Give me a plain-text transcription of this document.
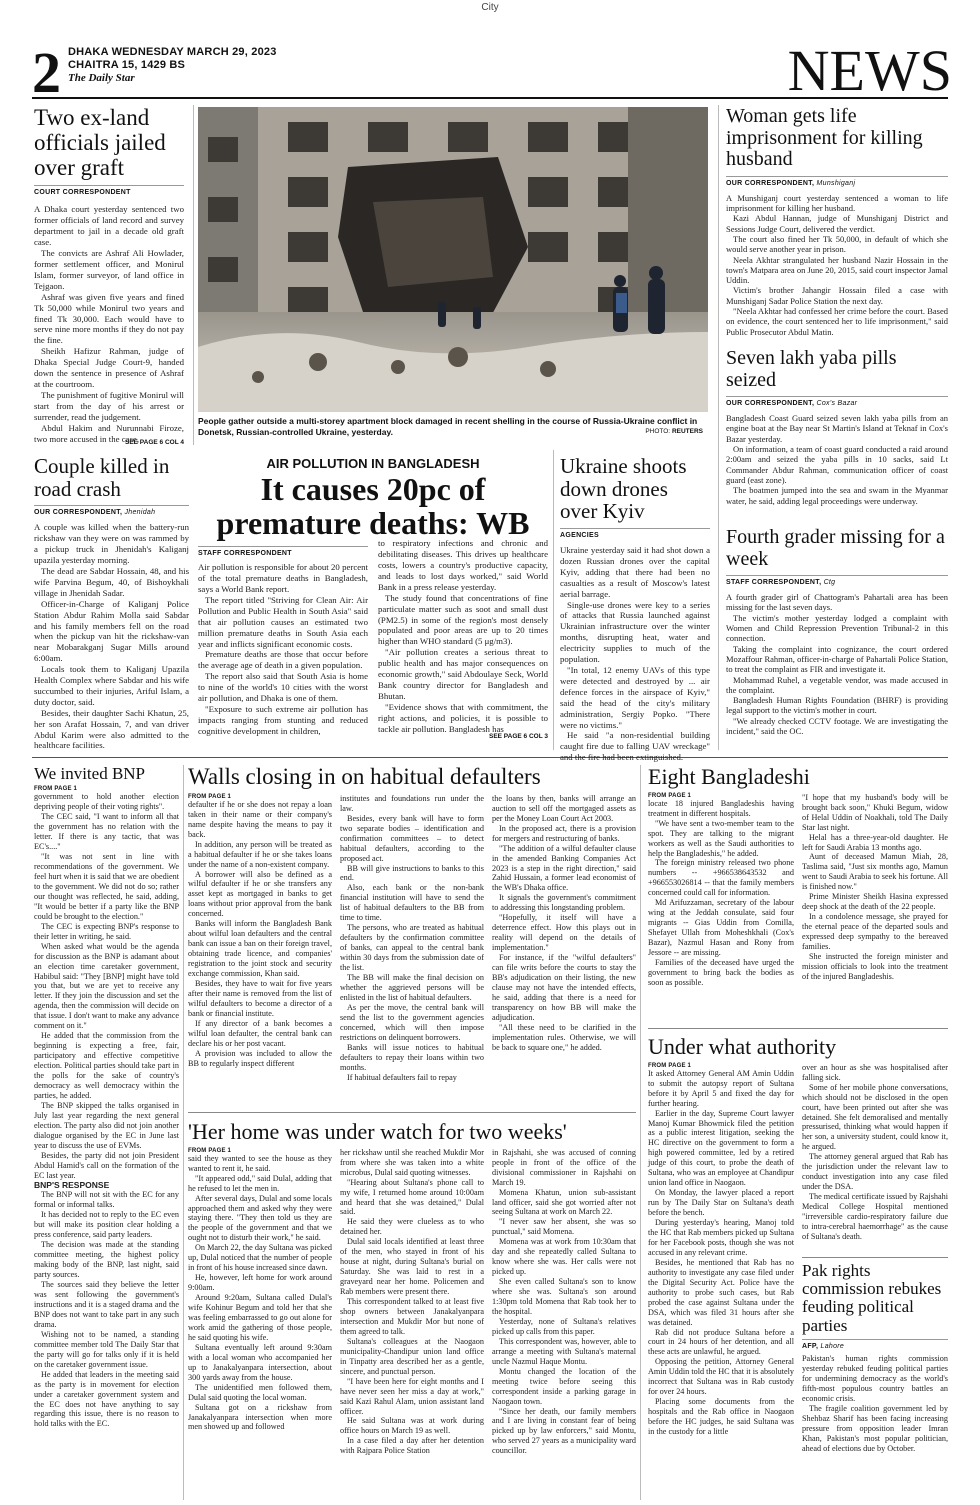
City
2 DHAKA WEDNESDAY MARCH 29, 2023
CHAITRA 15, 1429 BS
The Daily Star	NEWS
Two ex-land officials jailed over graft
COURT CORRESPONDENT

A Dhaka court yesterday sentenced two former officials of land record and survey department to jail in a decade old graft case.

The convicts are Ashraf Ali Howlader, former settlement officer, and Monirul Islam, former surveyor, of land office in Tejgaon.

Ashraf was given five years and fined Tk 50,000 while Monirul two years and fined Tk 30,000. Each would have to serve nine more months if they do not pay the fine.

Sheikh Hafizur Rahman, judge of Dhaka Special Judge Court-9, handed down the sentence in presence of Ashraf at the courtroom.

The punishment of fugitive Monirul will start from the day of his arrest or surrender, read the judgement.

Abdul Hakim and Nurunnabi Firoze, two more accused in the case,

SEE PAGE 6 COL 4
People gather outside a multi-storey apartment block damaged in recent shelling in the course of Russia-Ukraine conflict in Donetsk, Russian-controlled Ukraine, yesterday.	PHOTO: REUTERS
Woman gets life imprisonment for killing husband
OUR CORRESPONDENT, Munshiganj

A Munshiganj court yesterday sentenced a woman to life imprisonment for killing her husband.

Kazi Abdul Hannan, judge of Munshiganj District and Sessions Judge Court, delivered the verdict.

The court also fined her Tk 50,000, in default of which she would serve another year in prison.

Neela Akhtar strangulated her husband Nazir Hossain in the town's Matpara area on June 20, 2015, said court inspector Jamal Uddin.

Victim's brother Jahangir Hossain filed a case with Munshiganj Sadar Police Station the next day.

"Neela Akhtar had confessed her crime before the court. Based on evidence, the court sentenced her to life imprisonment," said Public Prosecutor Abdul Matin.

Seven lakh yaba pills seized
OUR CORRESPONDENT, Cox's Bazar

Bangladesh Coast Guard seized seven lakh yaba pills from an engine boat at the Bay near St Martin's Island at Teknaf in Cox's Bazar yesterday.

On information, a team of coast guard conducted a raid around 2:00am and seized the yaba pills in 10 sacks, said Lt Commander Abdur Rahman, communication officer of coast guard (east zone).

The boatmen jumped into the sea and swam in the Myanmar water, he said, adding legal proceedings were underway.

Couple killed in road crash
OUR CORRESPONDENT, Jhenidah

A couple was killed when the battery-run rickshaw van they were on was rammed by a pickup truck in Jhenidah's Kaliganj upazila yesterday morning.

The dead are Sabdar Hossain, 48, and his wife Parvina Begum, 40, of Bishoykhali village in Jhenidah Sadar.

Officer-in-Charge of Kaliganj Police Station Abdur Rahim Molla said Sabdar and his family members fell on the road when the pickup van hit the rickshaw-van near Mobarakganj Sugar Mills around 6:00am.

Locals took them to Kaliganj Upazila Health Complex where Sabdar and his wife succumbed to their injuries, Ariful Islam, a duty doctor, said.

Besides, their daughter Sachi Khatun, 25, her son Arafat Hossain, 7, and van driver Abdul Karim were also admitted to the healthcare facilities.

AIR POLLUTION IN BANGLADESH
It causes 20pc of premature deaths: WB
STAFF CORRESPONDENT

Air pollution is responsible for about 20 percent of the total premature deaths in Bangladesh, says a World Bank report.

The report titled "Striving for Clean Air: Air Pollution and Public Health in South Asia" said that air pollution causes an estimated two million premature deaths in South Asia each year and inflicts significant economic costs.

Premature deaths are those that occur before the average age of death in a given population.

The report also said that South Asia is home to nine of the world's 10 cities with the worst air pollution, and Dhaka is one of them.

"Exposure to such extreme air pollution has impacts ranging from stunting and reduced cognitive development in children,

to respiratory infections and chronic and debilitating diseases. This drives up healthcare costs, lowers a country's productive capacity, and leads to lost days worked," said World Bank in a press release yesterday.

The study found that concentrations of fine particulate matter such as soot and small dust (PM2.5) in some of the region's most densely populated and poor areas are up to 20 times higher than WHO standard (5 μg/m3).

"Air pollution creates a serious threat to public health and has major consequences on economic growth," said Abdoulaye Seck, World Bank country director for Bangladesh and Bhutan.

"Evidence shows that with commitment, the right actions, and policies, it is possible to tackle air pollution. Bangladesh has

SEE PAGE 6 COL 3
Ukraine shoots down drones over Kyiv
AGENCIES

Ukraine yesterday said it had shot down a dozen Russian drones over the capital Kyiv, adding that there had been no casualties as a result of Moscow's latest aerial barrage.

Single-use drones were key to a series of attacks that Russia launched against Ukrainian infrastructure over the winter months, disrupting heat, water and electricity supplies to much of the population.

"In total, 12 enemy UAVs of this type were detected and destroyed by ... air defence forces in the airspace of Kyiv," said the head of the city's military administration, Sergiy Popko. "There were no victims."

He said "a non-residential building caught fire due to falling UAV wreckage" and the fire had been extinguished.

Fourth grader missing for a week
STAFF CORRESPONDENT, Ctg

A fourth grader girl of Chattogram's Pahartali area has been missing for the last seven days.

The victim's mother yesterday lodged a complaint with Women and Child Repression Prevention Tribunal-2 in this connection.

Taking the complaint into cognizance, the court ordered Mozaffour Rahman, officer-in-charge of Pahartali Police Station, to treat the complaint as FIR and investigate it.

Mohammad Ruhel, a vegetable vendor, was made accused in the complaint.

Bangladesh Human Rights Foundation (BHRF) is providing legal support to the victim's mother in court.

"We already checked CCTV footage. We are investigating the incident," said the OC.

We invited BNP
FROM PAGE 1

government to hold another election depriving people of their voting rights".

The CEC said, "I want to inform all that the government has no relation with the letter. If there is any tactic, that was EC's...."

"It was not sent in line with recommendations of the government. We feel hurt when it is said that we are obedient to the government. We did not do so; rather our thought was reflected, he said, adding, "It would be better if a party like the BNP could be brought to the election."

The CEC is expecting BNP's response to their letter in writing, he said.

When asked what would be the agenda for discussion as the BNP is adamant about an election time caretaker government, Habibul said: "They [BNP] might have told you that, but we are yet to receive any letter. If they join the discussion and set the agenda, then the commission will decide on that issue. I don't want to make any advance comment on it."

He added that the commission from the beginning is expecting a free, fair, participatory and effective competitive election. Political parties should take part in the polls for the sake of country's democracy as well democracy within the parties, he added.

The BNP skipped the talks organised in July last year regarding the next general election. The party also did not join another dialogue organised by the EC in June last year to discuss the use of EVMs.

Besides, the party did not join President Abdul Hamid's call on the formation of the EC last year.

BNP'S RESPONSE

The BNP will not sit with the EC for any formal or informal talks.

It has decided not to reply to the EC even but will make its position clear holding a press conference, said party leaders.

The decision was made at the standing committee meeting, the highest policy making body of the BNP, last night, said party sources.

The sources said they believe the letter was sent following the government's instructions and it is a staged drama and the BNP does not want to take part in any such drama.

Wishing not to be named, a standing committee member told The Daily Star that the party will go for talks only if it is held on the caretaker government issue.

He added that leaders in the meeting said as the party is in movement for election under a caretaker government system and the EC does not have anything to say regarding this issue, there is no reason to hold talks with the EC.

Walls closing in on habitual defaulters
FROM PAGE 1

defaulter if he or she does not repay a loan taken in their name or their company's name despite having the means to pay it back.

In addition, any person will be treated as a habitual defaulter if he or she takes loans under the name of a non-existent company.

A borrower will also be defined as a wilful defaulter if he or she transfers any asset kept as mortgaged in banks to get loans without prior approval from the bank concerned.

Banks will inform the Bangladesh Bank about wilful loan defaulters and the central bank can issue a ban on their foreign travel, obtaining trade licence, and companies' registration to the joint stock and security exchange commission, Khan said.

Besides, they have to wait for five years after their name is removed from the list of wilful defaulters to become a director of a bank or financial institute.

If any director of a bank becomes a wilful loan defaulter, the central bank can declare his or her post vacant.

A provision was included to allow the BB to regularly inspect different

institutes and foundations run under the law.

Besides, every bank will have to form two separate bodies – identification and confirmation committees – to detect habitual defaulters, according to the proposed act.

BB will give instructions to banks to this end.

Also, each bank or the non-bank financial institution will have to send the list of habitual defaulters to the BB from time to time.

The persons, who are treated as habitual defaulters by the confirmation committee of banks, can appeal to the central bank within 30 days from the submission date of the list.

The BB will make the final decision on whether the aggrieved persons will be enlisted in the list of habitual defaulters.

As per the move, the central bank will send the list to the government agencies concerned, which will then impose restrictions on delinquent borrowers.

Banks will issue notices to habitual defaulters to repay their loans within two months.

If habitual defaulters fail to repay

the loans by then, banks will arrange an auction to sell off the mortgaged assets as per the Money Loan Court Act 2003.

In the proposed act, there is a provision for mergers and restructuring of banks.

"The addition of a wilful defaulter clause in the amended Banking Companies Act 2023 is a step in the right direction," said Zahid Hussain, a former lead economist of the WB's Dhaka office.

It signals the government's commitment to addressing this longstanding problem.

"Hopefully, it itself will have a deterrence effect. How this plays out in reality will depend on the details of implementation."

For instance, if the "wilful defaulters" can file writs before the courts to stay the BB's adjudication on their listing, the new clause may not have the intended effects, he said, adding that there is a need for transparency on how BB will make the adjudication.

"All these need to be clarified in the implementation rules. Otherwise, we will be back to square one," he added.

Eight Bangladeshi
FROM PAGE 1

locate 18 injured Bangladeshis having treatment in different hospitals.

"We have sent a two-member team to the spot. They are talking to the migrant workers as well as the Saudi authorities to help the Bangladeshis," he added.

The foreign ministry released two phone numbers -- +966538643532 and +966553026814 -- that the family members concerned could call for information.

Md Arifuzzaman, secretary of the labour wing at the Jeddah consulate, said four migrants -- Gias Uddin from Comilla, Shefayet Ullah from Moheshkhali (Cox's Bazar), Nazmul Hasan and Rony from Jessore -- are missing.

Families of the deceased have urged the government to bring back the bodies as soon as possible.

"I hope that my husband's body will be brought back soon," Khuki Begum, widow of Helal Uddin of Noakhali, told The Daily Star last night.

Helal has a three-year-old daughter. He left for Saudi Arabia 13 months ago.

Aunt of deceased Mamun Miah, 28, Taslima said, "Just six months ago, Mamun went to Saudi Arabia to seek his fortune. All is finished now."

Prime Minister Sheikh Hasina expressed deep shock at the death of the 22 people.

In a condolence message, she prayed for the eternal peace of the departed souls and expressed deep sympathy to the bereaved families.

She instructed the foreign minister and mission officials to look into the treatment of the injured Bangladeshis.

'Her home was under watch for two weeks'
FROM PAGE 1

said they wanted to see the house as they wanted to rent it, he said.

"It appeared odd," said Dulal, adding that he refused to let the men in.

After several days, Dulal and some locals approached them and asked why they were staying there. "They then told us they are the people of the government and that we ought not to disturb their work," he said.

On March 22, the day Sultana was picked up, Dulal noticed that the number of people in front of his house increased since dawn.

He, however, left home for work around 9:00am.

Around 9:20am, Sultana called Dulal's wife Kohinur Begum and told her that she was feeling embarrassed to go out alone for work amid the gathering of those people, he said quoting his wife.

Sultana eventually left around 9:30am with a local woman who accompanied her up to Janakalyanpara intersection, about 300 yards away from the house.

The unidentified men followed them, Dulal said quoting the local woman.

Sultana got on a rickshaw from Janakalyanpara intersection when more men showed up and followed

her rickshaw until she reached Mukdir Mor from where she was taken into a white microbus, Dulal said quoting witnesses.

"Hearing about Sultana's phone call to my wife, I returned home around 10:00am and heard that she was detained," Dulal said.

He said they were clueless as to who detained her.

Dulal said locals identified at least three of the men, who stayed in front of his house at night, during Sultana's burial on Saturday. She was laid to rest in a graveyard near her home. Policemen and Rab members were present there.

This correspondent talked to at least five shop owners between Janakalyanpara intersection and Mukdir Mor but none of them agreed to talk.

Sultana's colleagues at the Naogaon municipality-Chandipur union land office in Tinpatty area described her as a gentle, sincere, and punctual person.

"I have been here for eight months and I have never seen her miss a day at work," said Kazi Rahul Alam, union assistant land officer.

He said Sultana was at work during office hours on March 19 as well.

In a case filed a day after her detention with Rajpara Police Station

in Rajshahi, she was accused of conning people in front of the office of the divisional commissioner in Rajshahi on March 19.

Momena Khatun, union sub-assistant land officer, said she got worried after not seeing Sultana at work on March 22.

"I never saw her absent, she was so punctual," said Momena.

Momena was at work from 10:30am that day and she repeatedly called Sultana to know where she was. Her calls were not picked up.

She even called Sultana's son to know where she was. Sultana's son around 1:30pm told Momena that Rab took her to the hospital.

Yesterday, none of Sultana's relatives picked up calls from this paper.

This correspondent was, however, able to arrange a meeting with Sultana's maternal uncle Nazmul Haque Montu.

Montu changed the location of the meeting twice before seeing this correspondent inside a parking garage in Naogaon town.

"Since her death, our family members and I are living in constant fear of being picked up by law enforcers," said Montu, who served 27 years as a municipality ward councillor.

Under what authority
FROM PAGE 1

It asked Attorney General AM Amin Uddin to submit the autopsy report of Sultana before it by April 5 and fixed the day for further hearing.

Earlier in the day, Supreme Court lawyer Manoj Kumar Bhowmick filed the petition as a public interest litigation, seeking the HC directive on the government to form a high powered committee, led by a retired judge of this court, to probe the death of Sultana, who was an employee at Chandipur union land office in Naogaon.

On Monday, the lawyer placed a report run by The Daily Star on Sultana's death before the bench.

During yesterday's hearing, Manoj told the HC that Rab members picked up Sultana for her Facebook posts, though she was not accused in any relevant crime.

Besides, he mentioned that Rab has no authority to investigate any case filed under the Digital Security Act. Police have the authority to probe such cases, but Rab probed the case against Sultana under the DSA, which was filed 31 hours after she was detained.

Rab did not produce Sultana before a court in 24 hours of her detention, and all these acts are unlawful, he argued.

Opposing the petition, Attorney General Amin Uddin told the HC that it is absolutely incorrect that Sultana was in Rab custody for over 24 hours.

Placing some documents from the hospitals and the Rab office in Naogaon before the HC judges, he said Sultana was in the custody for a little

over an hour as she was hospitalised after falling sick.

Some of her mobile phone conversations, which should not be disclosed in the open court, have been printed out after she was detained. She felt demoralised and mentally pressurised, thinking what would happen if her son, a university student, could know it, he argued.

The attorney general argued that Rab has the jurisdiction under the relevant law to conduct investigation into any case filed under the DSA.

The medical certificate issued by Rajshahi Medical College Hospital mentioned "irreversible cardio-respiratory failure due to intra-cerebral haemorrhage" as the cause of Sultana's death.

Pak rights commission rebukes feuding political parties
AFP, Lahore

Pakistan's human rights commission yesterday rebuked feuding political parties for undermining democracy as the world's fifth-most populous country battles an economic crisis.

The fragile coalition government led by Shehbaz Sharif has been facing increasing pressure from opposition leader Imran Khan, Pakistan's most popular politician, ahead of elections due by October.
